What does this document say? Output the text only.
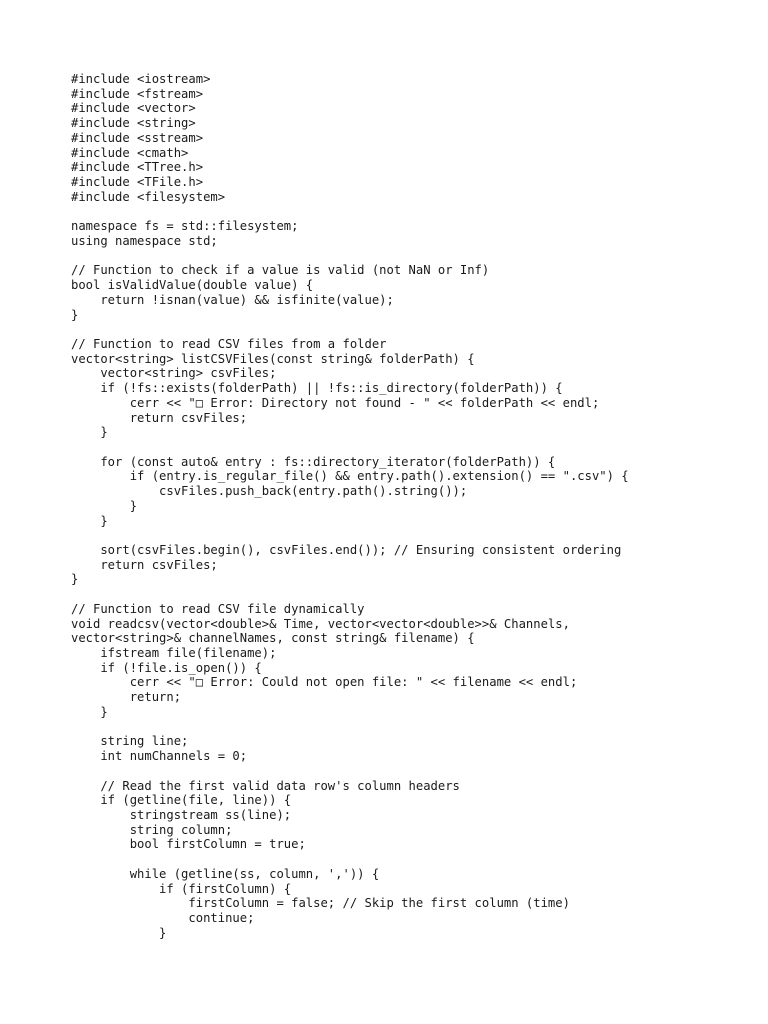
#include <iostream>
#include <fstream>
#include <vector>
#include <string>
#include <sstream>
#include <cmath>
#include <TTree.h>
#include <TFile.h>
#include <filesystem>
namespace fs = std::filesystem;
using namespace std;
// Function to check if a value is valid (not NaN or Inf)
bool isValidValue(double value) {
return !isnan(value) && isfinite(value);
}
// Function to read CSV files from a folder
vector<string> listCSVFiles(const string& folderPath) {
vector<string> csvFiles;
if (!fs::exists(folderPath) || !fs::is_directory(folderPath)) {
cerr << "□ Error: Directory not found - " << folderPath << endl;
return csvFiles;
}
for (const auto& entry : fs::directory_iterator(folderPath)) {
if (entry.is_regular_file() && entry.path().extension() == ".csv") {
csvFiles.push_back(entry.path().string());
}
}
sort(csvFiles.begin(), csvFiles.end()); // Ensuring consistent ordering
return csvFiles;
}
// Function to read CSV file dynamically
void readcsv(vector<double>& Time, vector<vector<double>>& Channels,
vector<string>& channelNames, const string& filename) {
ifstream file(filename);
if (!file.is_open()) {
cerr << "□ Error: Could not open file: " << filename << endl;
return;
}
string line;
int numChannels = 0;
// Read the first valid data row's column headers
if (getline(file, line)) {
stringstream ss(line);
string column;
bool firstColumn = true;
while (getline(ss, column, ',')) {
if (firstColumn) {
firstColumn = false; // Skip the first column (time)
continue;
}
